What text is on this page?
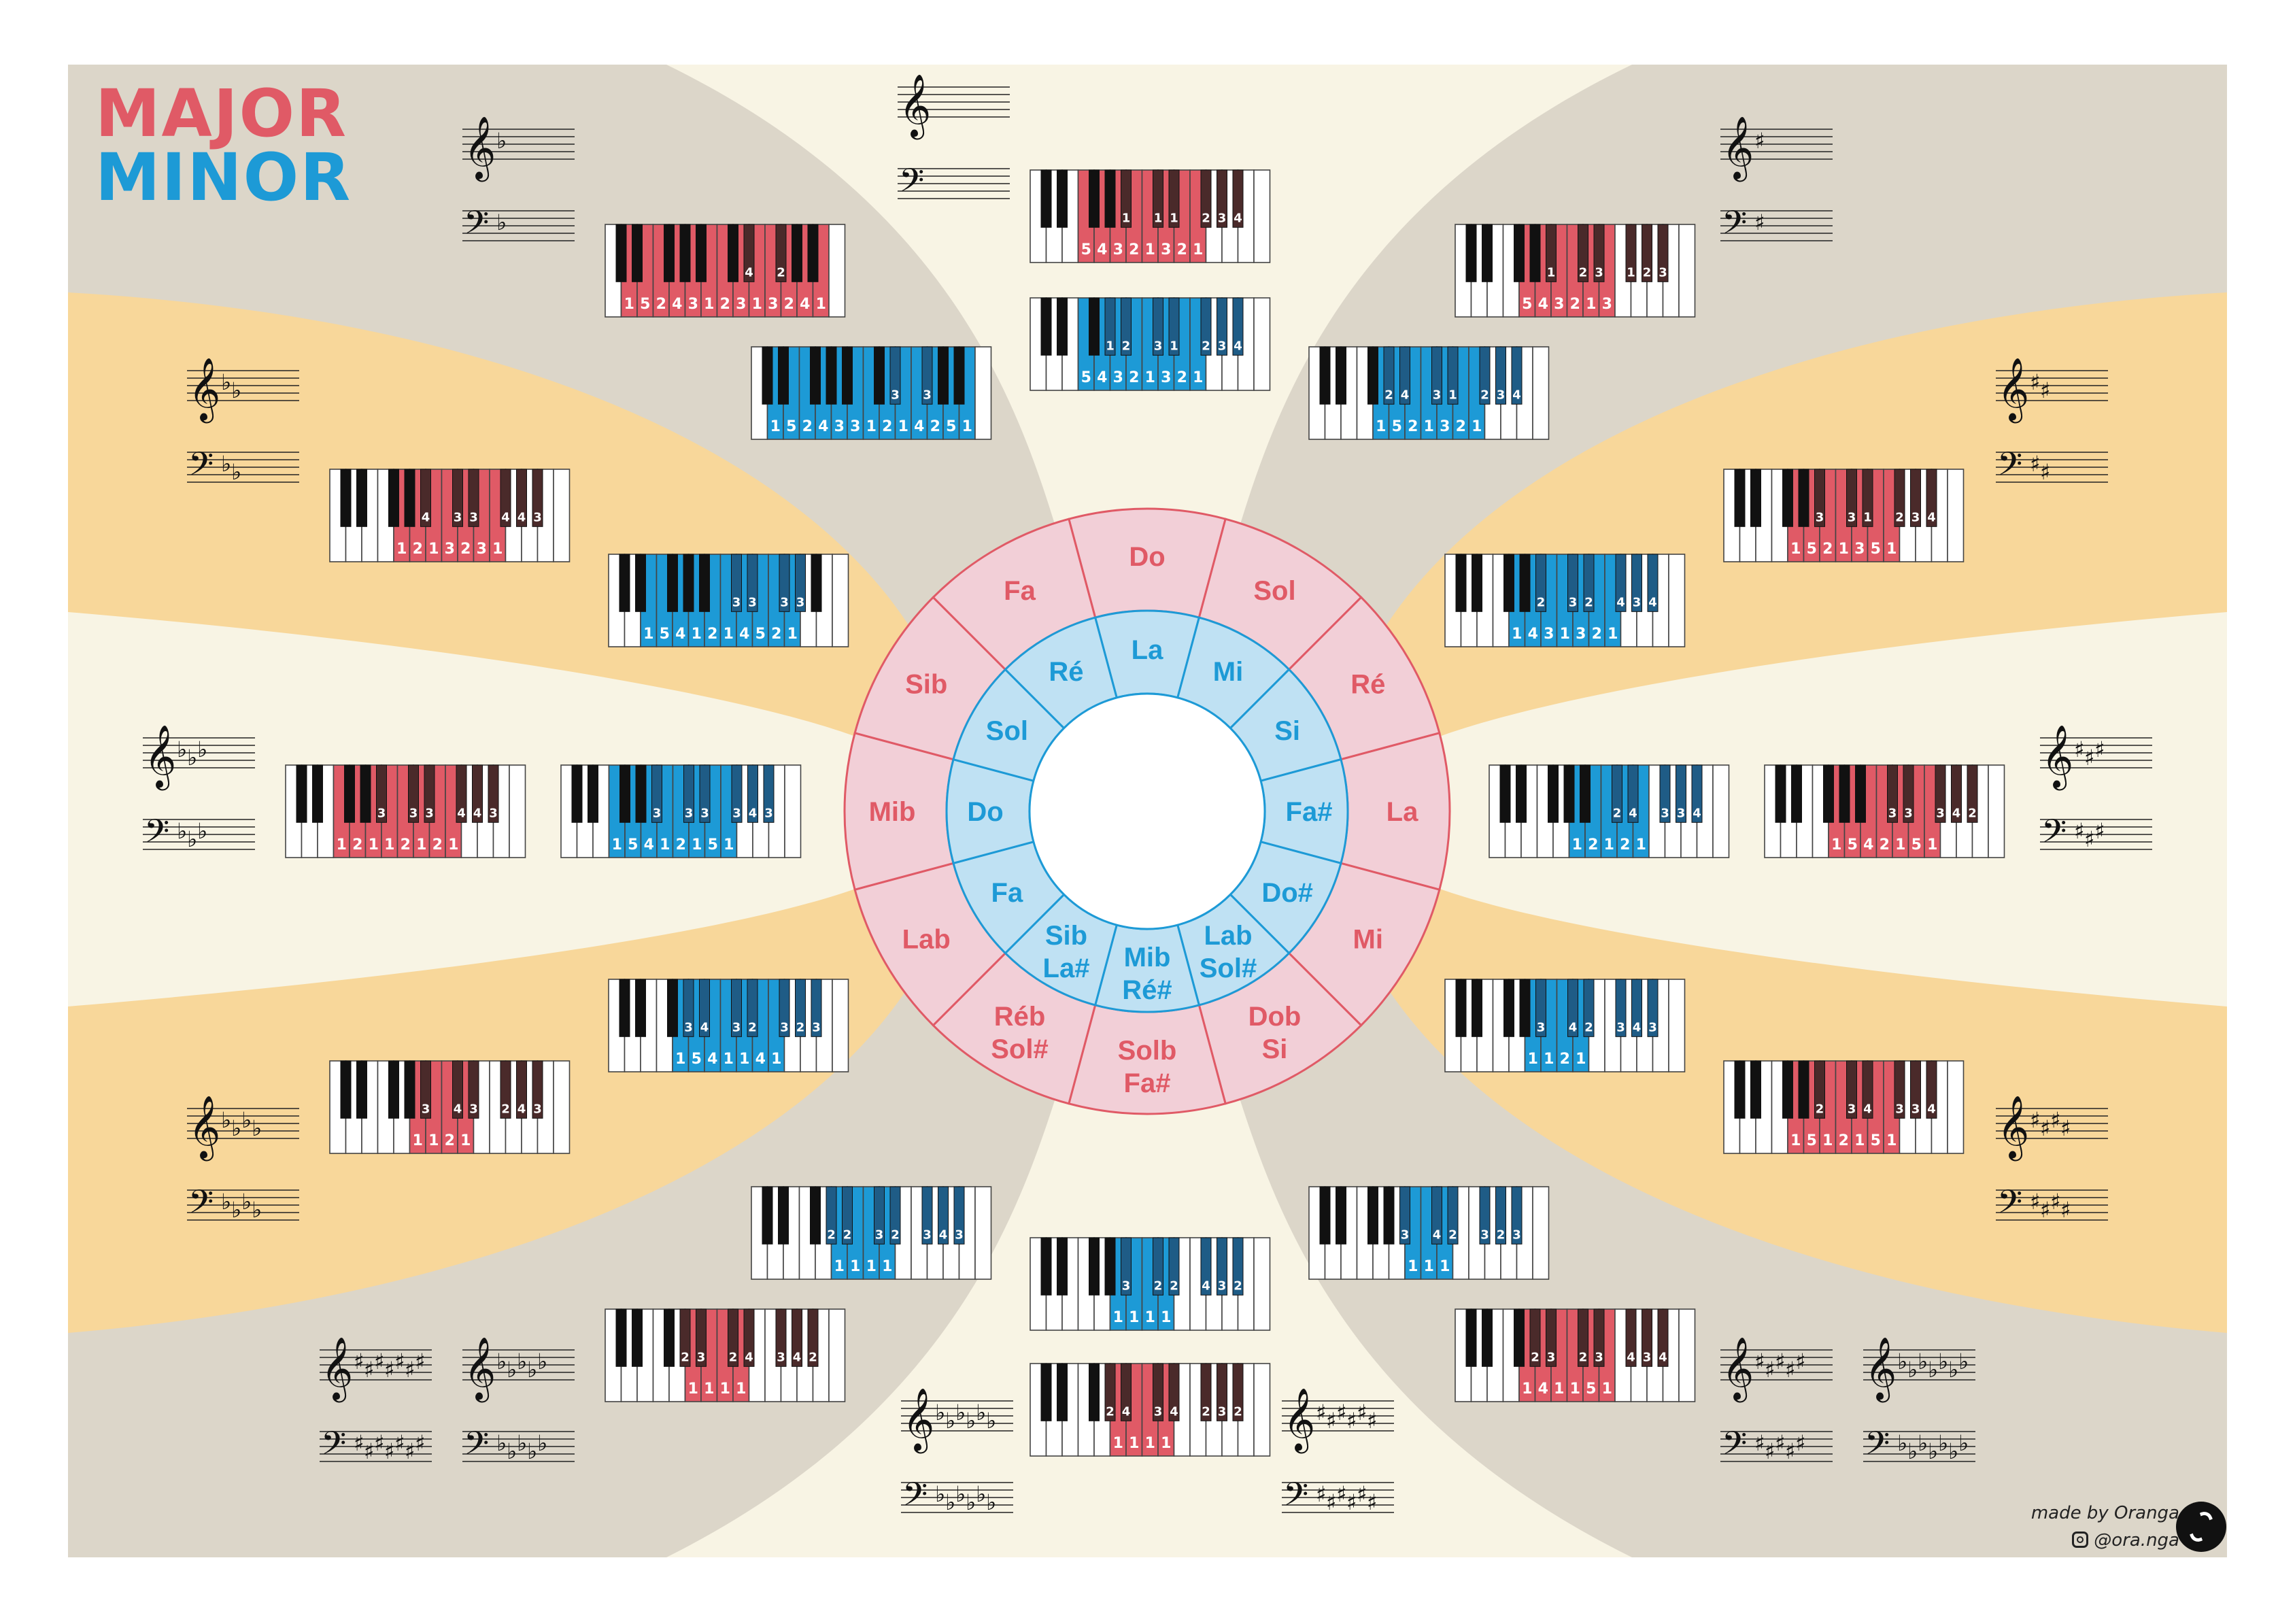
Do
Sol
Ré
La
Mi
Dob Si
Solb Fa#
Réb Sol#
Lab
Mib
Sib
Fa
La
Mi
Si
Fa#
Do#
Lab Sol#
Mib Ré#
Sib La#
Fa
Do
Sol
Ré
𝄞
𝄢
5 4 3 2 1 3 2 1
1 1 1 2 3 4
5 4 3 2 1 3 2 1
1 2 3 1 2 3 4
𝄞
𝄢
♯
♯
5 4 3 2 1 3
1 2 3 1 2 3
1 5 2 1 3 2 1
2 4 3 1 2 3 4	𝄞
𝄢
♯
♯
♯
♯
1 5 2 1 3 5 1
3 3 1 2 3 4
1 4 3 1 3 2 1
2 3 2 4 3 4
𝄞
𝄢
♯
♯
♯
♯
♯
♯
1 2 1 2 1
2 4 3 3 4
1 5 4 2 1 5 1
3 3 3 4 2
𝄞
𝄢
♯
♯
♯
♯
♯
♯
♯
♯
1 1 2 1
3 4 2 3 4 3
1 5 1 2 1 5 1
2 3 4 3 3 4
𝄞
𝄢
♯
♯
♯
♯
♯
♯
♯
♯
♯
♯
𝄞
𝄢
♭
♭
♭
♭
♭
♭
♭
♭
♭
♭
♭
♭
♭
♭
1 1 1
3 4 2 3 2 3
1 4 1 1 5 1
2 3 2 3 4 3 4
𝄞
𝄢
♯
♯
♯
♯
♯
♯
♯
♯
♯
♯
♯
♯
𝄞
𝄢
♭
♭
♭
♭
♭
♭
♭
♭
♭
♭
♭
♭
1 1 1 1
3 2 2 4 3 2
1 1 1 1
2 4 3 4 2 3 2
𝄞
𝄢
♭
♭
♭
♭
♭
♭
♭
♭
♭
♭
𝄞
𝄢
♯
♯
♯
♯
♯
♯
♯
♯
♯
♯
♯
♯
♯
♯
1 1 1 1
2 2 3 2 3 4 3
1 1 1 1
2 3 2 4 3 4 2
𝄞
𝄢
♭
♭
♭
♭
♭
♭
♭
♭
1 5 4 1 1 4 1
3 4 3 2 3 2 3
1 1 2 1
3 4 3 2 4 3
𝄞
𝄢
♭
♭
♭
♭
♭
♭
1 2 1 1 2 1 2 1
3 3 3 4 4 3
1 5 4 1 2 1 5 1
3 3 3 3 4 3
𝄞
𝄢
♭
♭
♭
♭
1 2 1 3 2 3 1
4 3 3 4 4 3
1 5 4 1 2 1 4 5 2 1
3 3 3 3
𝄞
𝄢
♭
♭
1 5 2 4 3 1 2 3 1 3 2 4 1
4 2
1 5 2 4 3 3 1 2 1 4 2 5 1
3 3
MAJOR
MINOR
made by Oranga
@ora.nga
